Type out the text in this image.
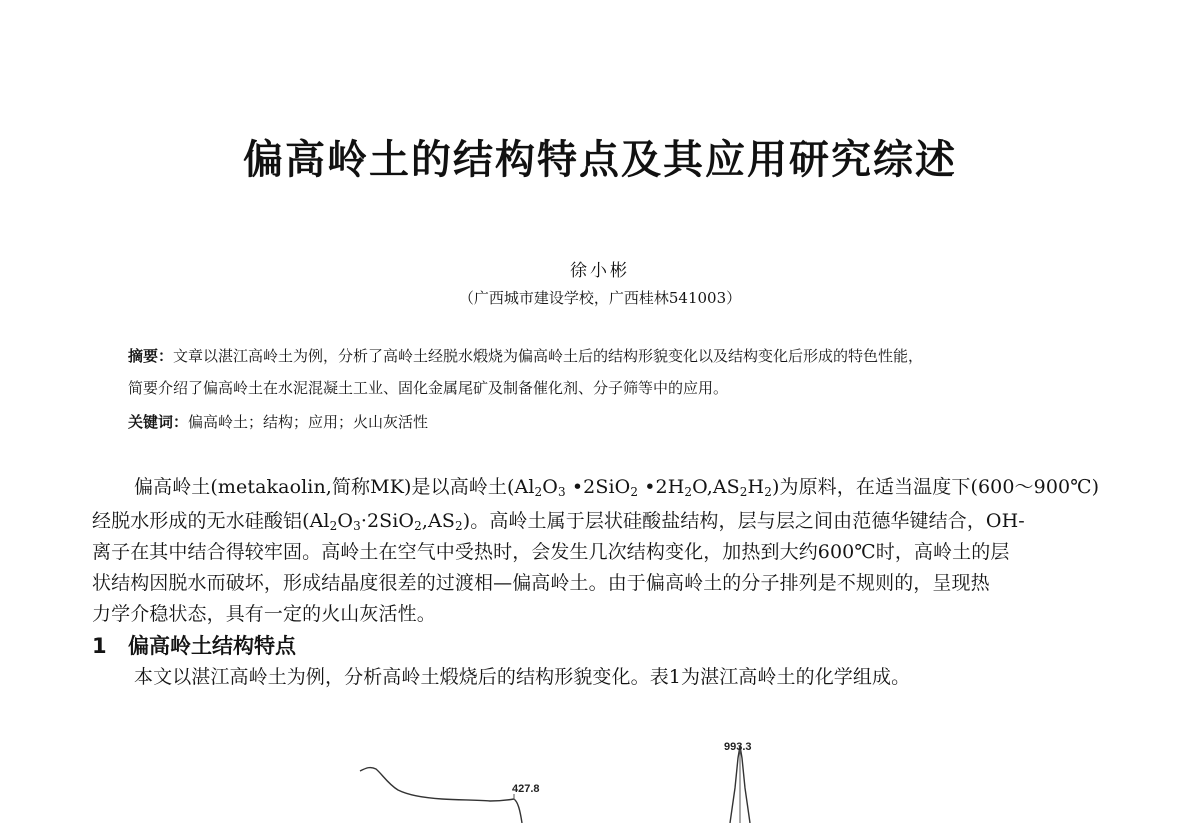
偏高岭土的结构特点及其应用研究综述
徐小彬
（广西城市建设学校，广西桂林541003）
摘要：文章以湛江高岭土为例，分析了高岭土经脱水煅烧为偏高岭土后的结构形貌变化以及结构变化后形成的特色性能，
简要介绍了偏高岭土在水泥混凝土工业、固化金属尾矿及制备催化剂、分子筛等中的应用。
关键词：偏高岭土；结构；应用；火山灰活性
偏高岭土(metakaolin,简称MK)是以高岭土($Al_2O_3$ •2SiO$_2$ $•2H_2O,AS_2H_2$)为原料，在适当温度下(600～900℃)
经脱水形成的无水硅酸铝$(Al_2O_3\cdot 2SiO_2,AS_2)$。高岭土属于层状硅酸盐结构，层与层之间由范德华键结合，OH-
离子在其中结合得较牢固。高岭土在空气中受热时，会发生几次结构变化，加热到大约600℃时，高岭土的层
状结构因脱水而破坏，形成结晶度很差的过渡相—偏高岭土。由于偏高岭土的分子排列是不规则的，呈现热
力学介稳状态，具有一定的火山灰活性。
1 偏高岭土结构特点
本文以湛江高岭土为例，分析高岭土煅烧后的结构形貌变化。表1为湛江高岭土的化学组成。
427.8
993.3
